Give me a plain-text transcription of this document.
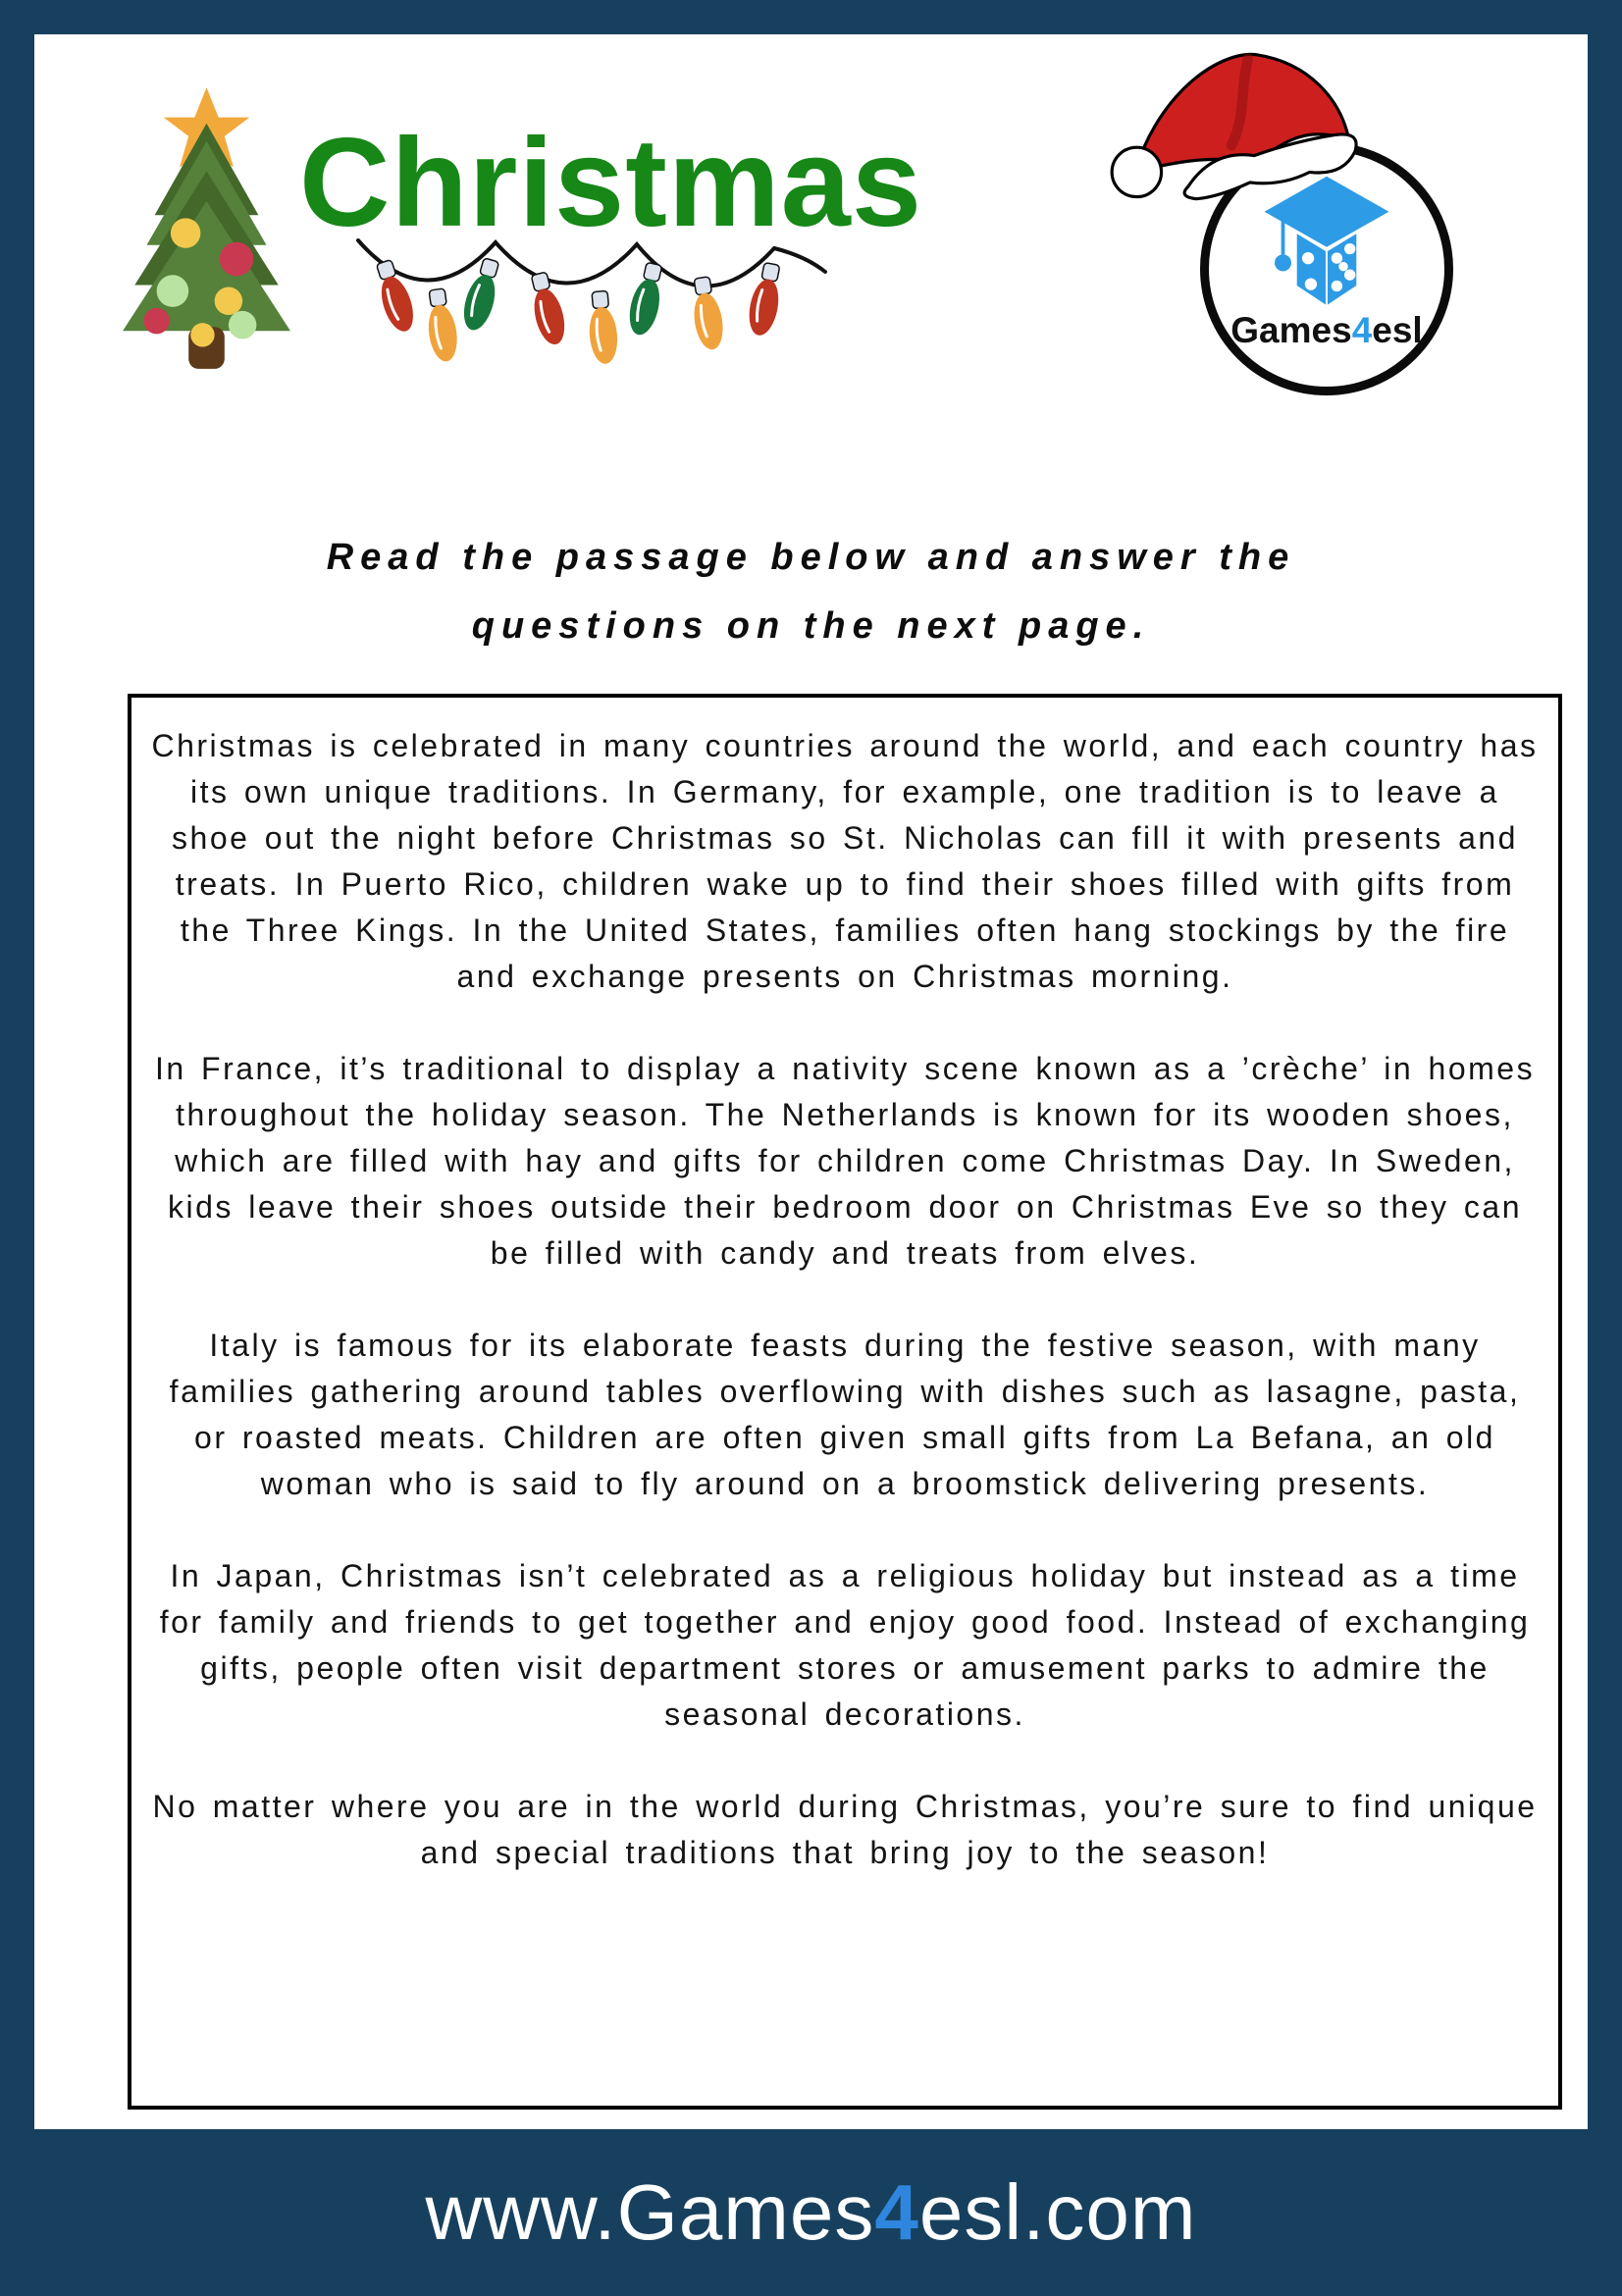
Christmas
Games4esl
Read the passage below and answer the
questions on the next page.

Christmas is celebrated in many countries around the world, and each country has its own unique traditions. In Germany, for example, one tradition is to leave a shoe out the night before Christmas so St. Nicholas can fill it with presents and treats. In Puerto Rico, children wake up to find their shoes filled with gifts from the Three Kings. In the United States, families often hang stockings by the fire and exchange presents on Christmas morning.

In France, it’s traditional to display a nativity scene known as a ’crèche’ in homes throughout the holiday season. The Netherlands is known for its wooden shoes, which are filled with hay and gifts for children come Christmas Day. In Sweden, kids leave their shoes outside their bedroom door on Christmas Eve so they can be filled with candy and treats from elves.

Italy is famous for its elaborate feasts during the festive season, with many families gathering around tables overflowing with dishes such as lasagne, pasta, or roasted meats. Children are often given small gifts from La Befana, an old woman who is said to fly around on a broomstick delivering presents.

In Japan, Christmas isn’t celebrated as a religious holiday but instead as a time for family and friends to get together and enjoy good food. Instead of exchanging gifts, people often visit department stores or amusement parks to admire the seasonal decorations.

No matter where you are in the world during Christmas, you’re sure to find unique and special traditions that bring joy to the season!

www.Games4esl.com
